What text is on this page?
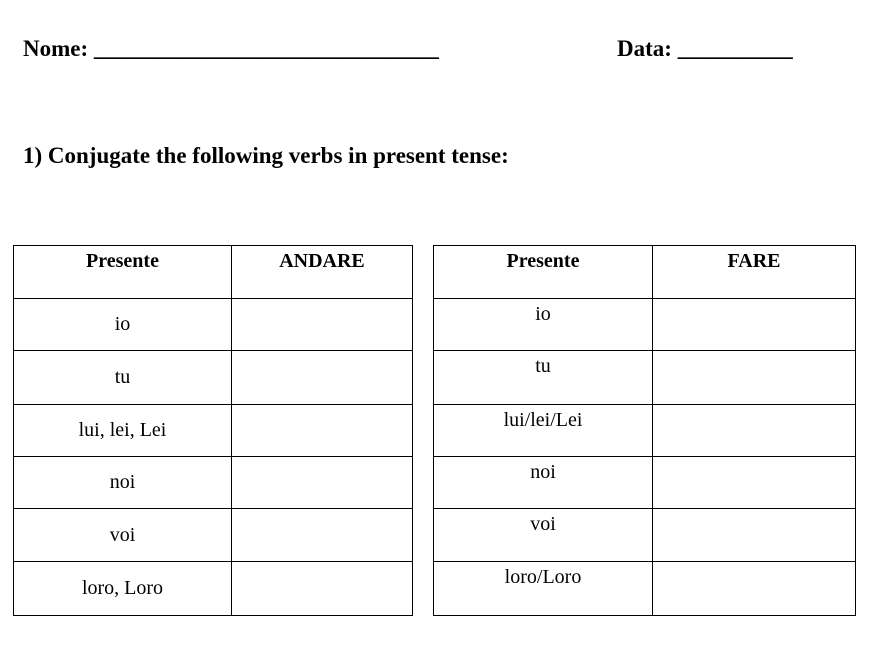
Nome: ______________________________	Data: __________
1) Conjugate the following verbs in present tense:
Presente	ANDARE
io	
tu	
lui, lei, Lei	
noi	
voi	
loro, Loro	
Presente	FARE
io	
tu	
lui/lei/Lei	
noi	
voi	
loro/Loro	
